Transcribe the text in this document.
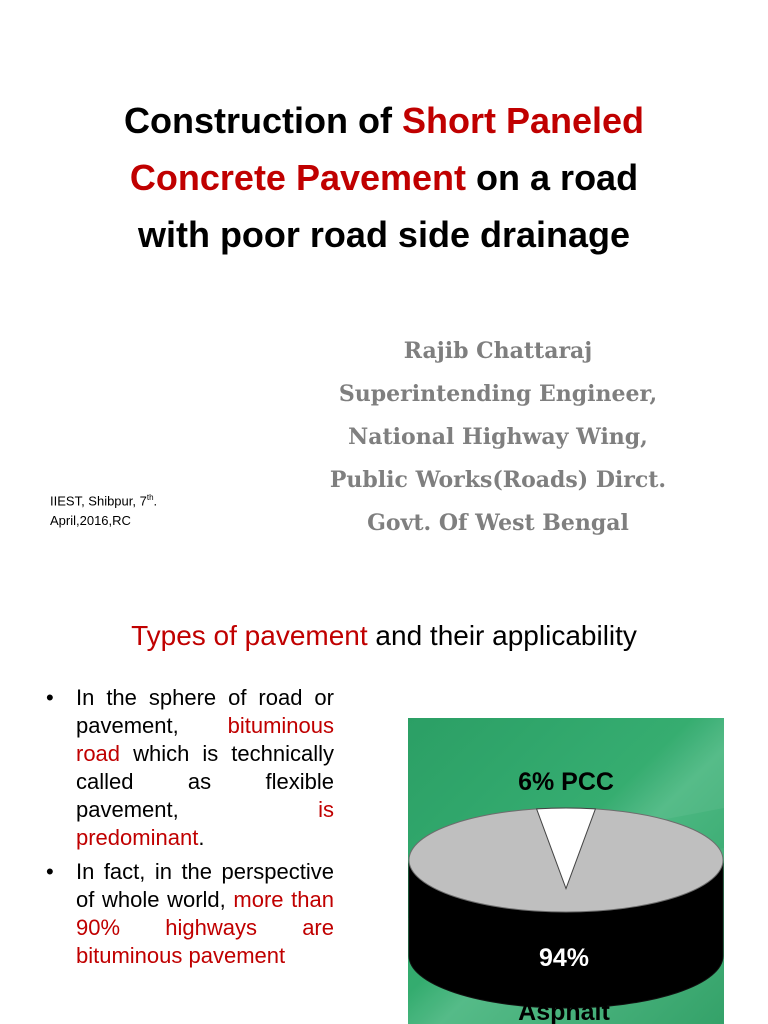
Construction of Short Paneled
Concrete Pavement on a road
with poor road side drainage
Rajib Chattaraj
Superintending Engineer,
National Highway Wing,
Public Works(Roads) Dirct.
Govt. Of West Bengal
IIEST, Shibpur, 7th.
April,2016,RC
Types of pavement and their applicability
• In the sphere of road or pavement, bituminous road which is technically called as flexible pavement, is predominant.
• In fact, in the perspective of whole world, more than 90% highways are bituminous pavement
6% PCC
94%
Asphalt
